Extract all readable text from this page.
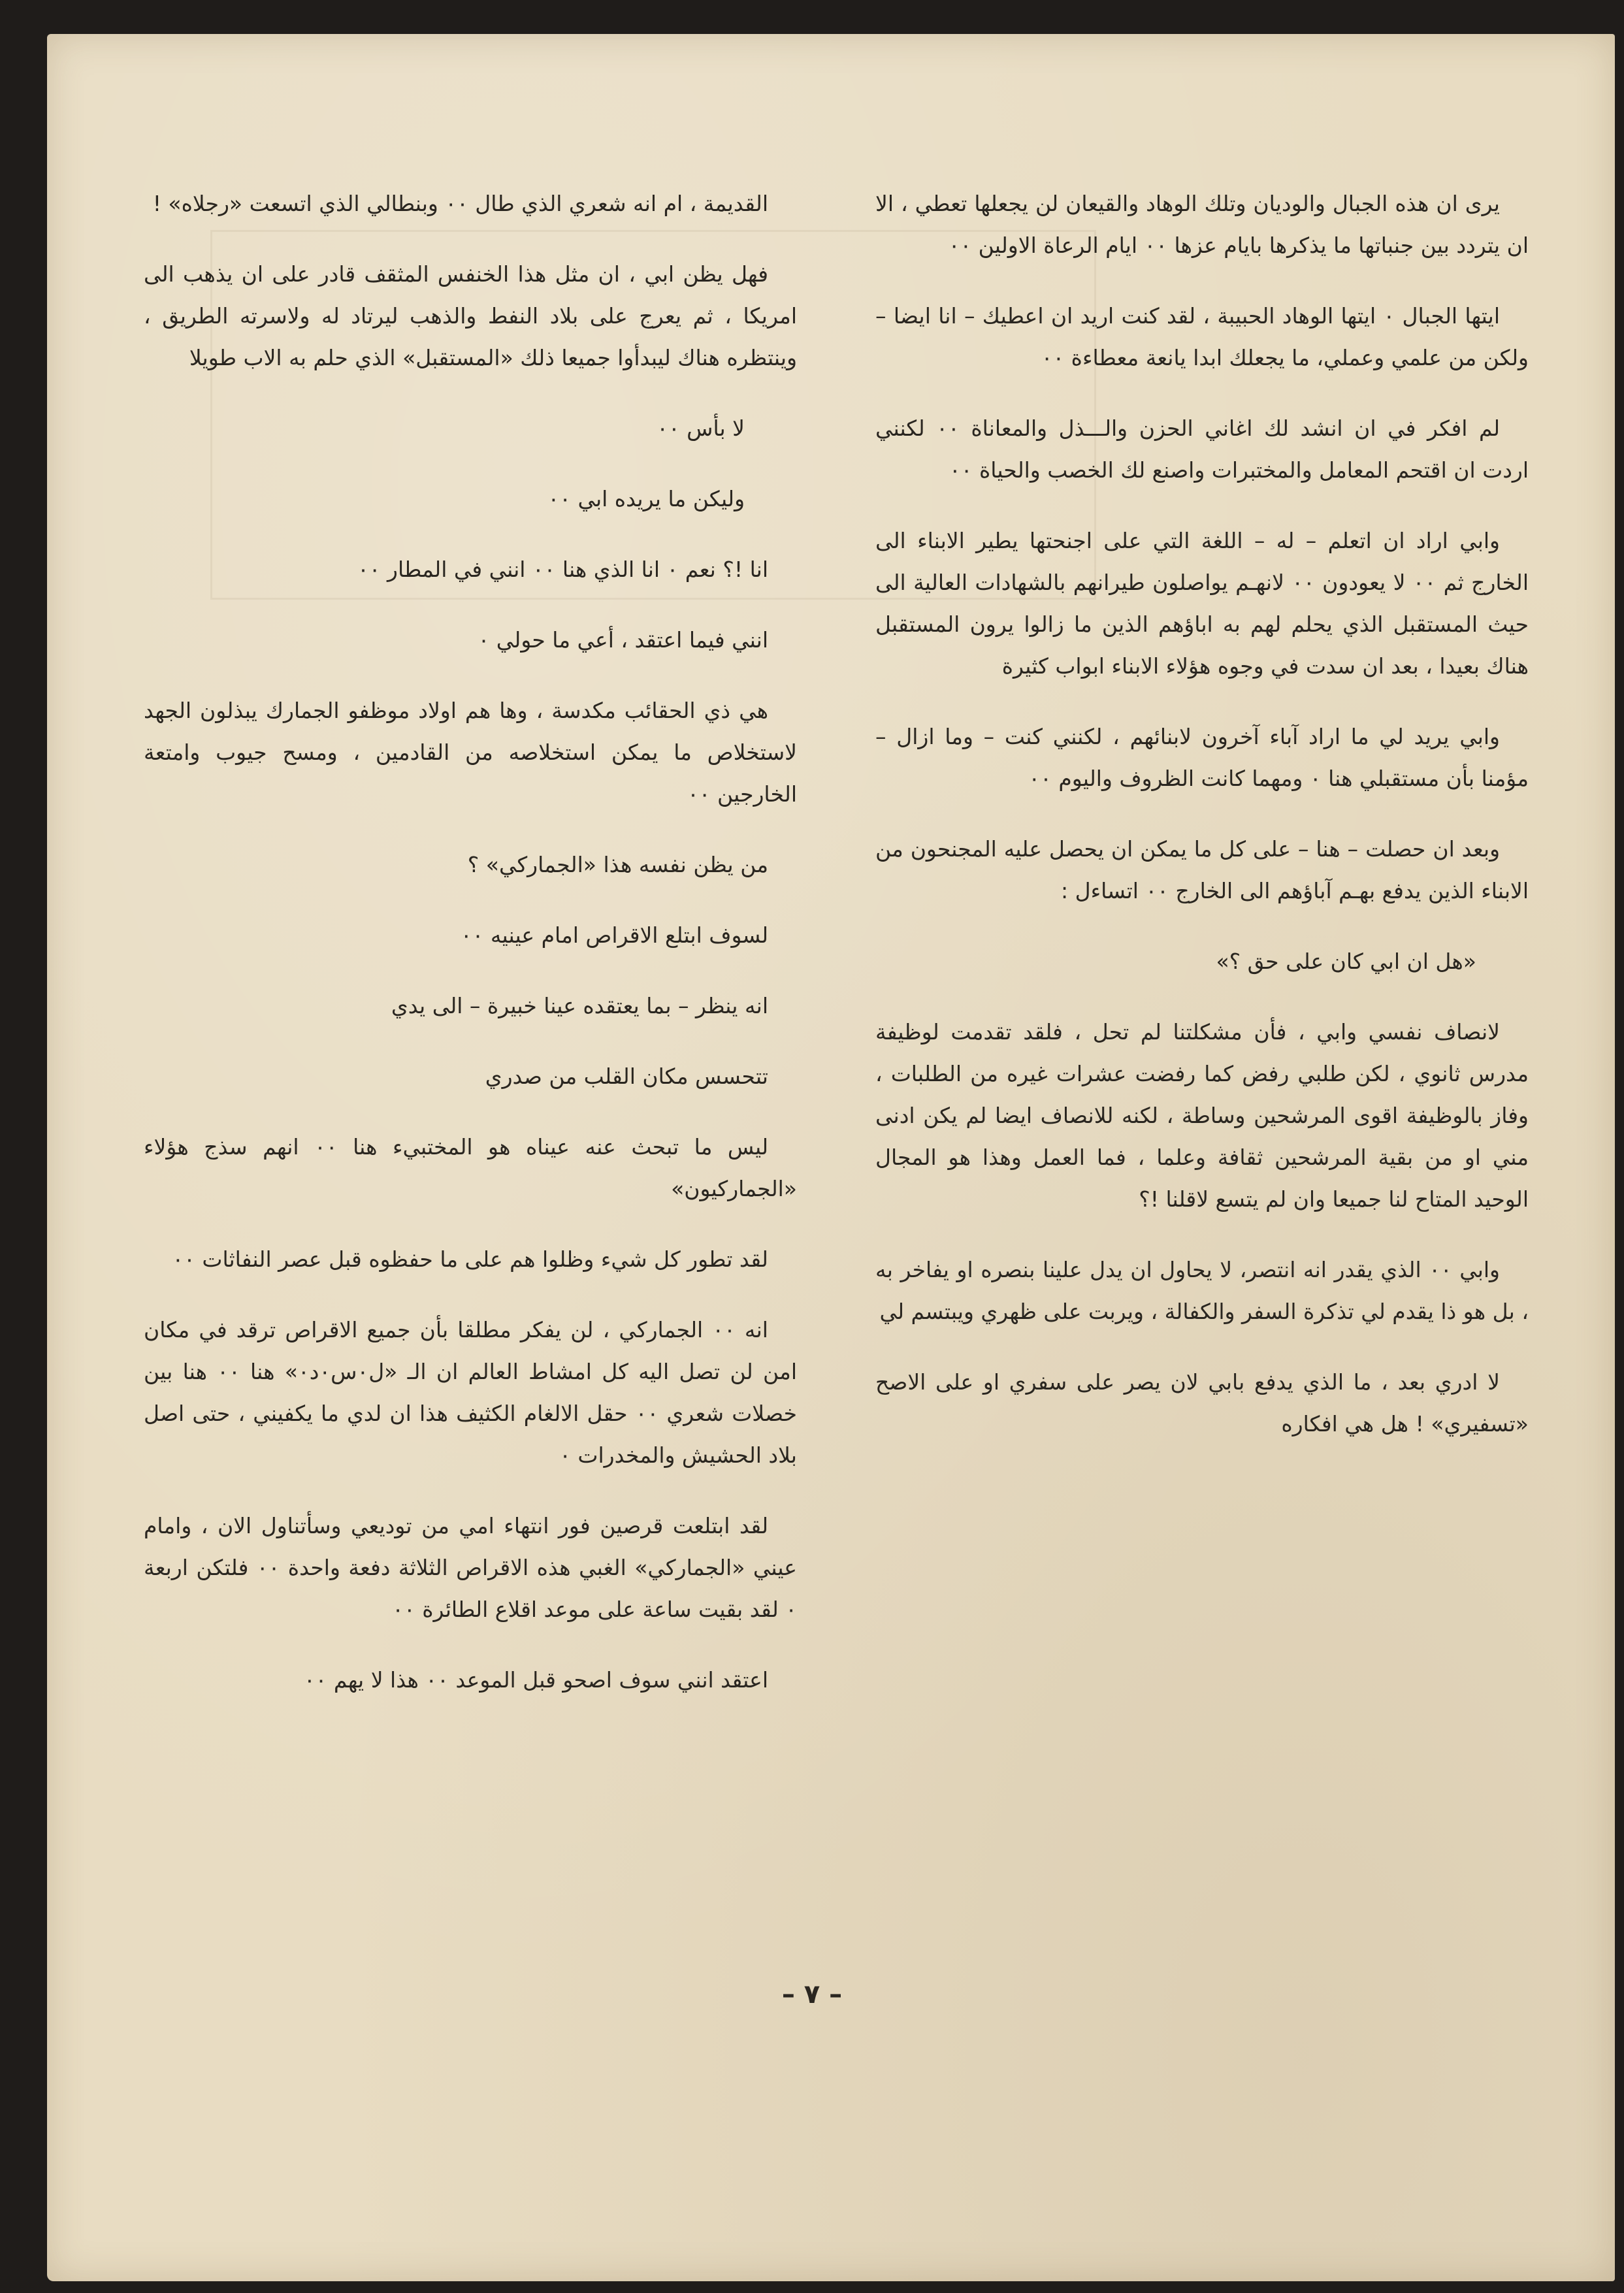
يرى ان هذه الجبال والوديان وتلك الوهاد والقيعان لن يجعلها تعطي ، الا ان يتردد بين جنباتها ما يذكرها بايام عزها ٠٠ ايام الرعاة الاولين ٠٠

ايتها الجبال ٠ ايتها الوهاد الحبيبة ، لقد كنت اريد ان اعطيك – انا ايضا – ولكن من علمي وعملي، ما يجعلك ابدا يانعة معطاءة ٠٠

لم افكر في ان انشد لك اغاني الحزن والـــذل والمعاناة ٠٠ لكنني اردت ان اقتحم المعامل والمختبرات واصنع لك الخصب والحياة ٠٠

وابي اراد ان اتعلم – له – اللغة التي على اجنحتها يطير الابناء الى الخارج ثم ٠٠ لا يعودون ٠٠ لانهـم يواصلون طيرانهم بالشهادات العالية الى حيث المستقبل الذي يحلم لهم به اباؤهم الذين ما زالوا يرون المستقبل هناك بعيدا ، بعد ان سدت في وجوه هؤلاء الابناء ابواب كثيرة

وابي يريد لي ما اراد آباء آخرون لابنائهم ، لكنني كنت – وما ازال – مؤمنا بأن مستقبلي هنا ٠ ومهما كانت الظروف واليوم ٠٠

وبعد ان حصلت – هنا – على كل ما يمكن ان يحصل عليه المجنحون من الابناء الذين يدفع بهـم آباؤهم الى الخارج ٠٠ اتساءل :

«هل ان ابي كان على حق ؟»

لانصاف نفسي وابي ، فأن مشكلتنا لم تحل ، فلقد تقدمت لوظيفة مدرس ثانوي ، لكن طلبي رفض كما رفضت عشرات غيره من الطلبات ، وفاز بالوظيفة اقوى المرشحين وساطة ، لكنه للانصاف ايضا لم يكن ادنى مني او من بقية المرشحين ثقافة وعلما ، فما العمل وهذا هو المجال الوحيد المتاح لنا جميعا وان لم يتسع لاقلنا !؟

وابي ٠٠ الذي يقدر انه انتصر، لا يحاول ان يدل علينا بنصره او يفاخر به ، بل هو ذا يقدم لي تذكرة السفر والكفالة ، ويربت على ظهري ويبتسم لي

لا ادري بعد ، ما الذي يدفع بابي لان يصر على سفري او على الاصح «تسفيري» ! هل هي افكاره

القديمة ، ام انه شعري الذي طال ٠٠ وبنطالي الذي اتسعت «رجلاه» !

فهل يظن ابي ، ان مثل هذا الخنفس المثقف قادر على ان يذهب الى امريكا ، ثم يعرج على بلاد النفط والذهب ليرتاد له ولاسرته الطريق ، وينتظره هناك ليبدأوا جميعا ذلك «المستقبل» الذي حلم به الاب طويلا

لا بأس ٠٠

وليكن ما يريده ابي ٠٠

انا !؟ نعم ٠ انا الذي هنا ٠٠ انني في المطار ٠٠

انني فيما اعتقد ، أعي ما حولي ٠

هي ذي الحقائب مكدسة ، وها هم اولاد موظفو الجمارك يبذلون الجهد لاستخلاص ما يمكن استخلاصه من القادمين ، ومسح جيوب وامتعة الخارجين ٠٠

من يظن نفسه هذا «الجماركي» ؟

لسوف ابتلع الاقراص امام عينيه ٠٠

انه ينظر – بما يعتقده عينا خبيرة – الى يدي

تتحسس مكان القلب من صدري

ليس ما تبحث عنه عيناه هو المختبيء هنا ٠٠ انهم سذج هؤلاء «الجماركيون»

لقد تطور كل شيء وظلوا هم على ما حفظوه قبل عصر النفاثات ٠٠

انه ٠٠ الجماركي ، لن يفكر مطلقا بأن جميع الاقراص ترقد في مكان امن لن تصل اليه كل امشاط العالم ان الـ «ل٠س٠د٠» هنا ٠٠ هنا بين خصلات شعري ٠٠ حقل الالغام الكثيف هذا ان لدي ما يكفيني ، حتى اصل بلاد الحشيش والمخدرات ٠

لقد ابتلعت قرصين فور انتهاء امي من توديعي وسأتناول الان ، وامام عيني «الجماركي» الغبي هذه الاقراص الثلاثة دفعة واحدة ٠٠ فلتكن اربعة ٠ لقد بقيت ساعة على موعد اقلاع الطائرة ٠٠

اعتقد انني سوف اصحو قبل الموعد ٠٠ هذا لا يهم ٠٠

– ٧ –
